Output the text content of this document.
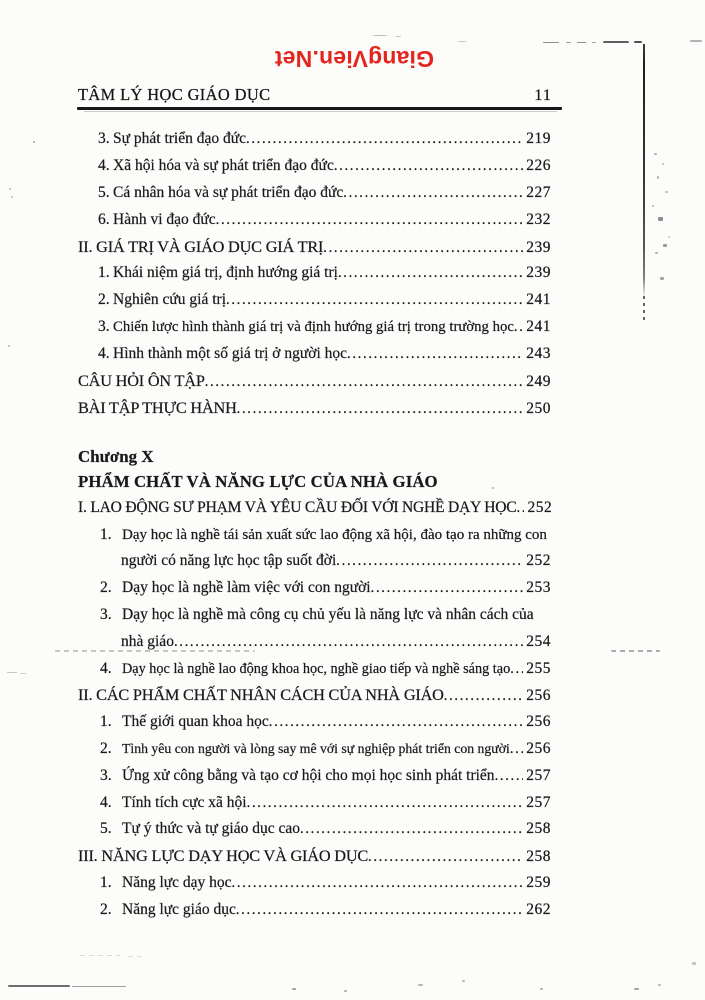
GiangVien.Net
TÂM LÝ HỌC GIÁO DỤC	11
3. Sự phát triển đạo đức .....	219
4. Xã hội hóa và sự phát triển đạo đức .....	226
5. Cá nhân hóa và sự phát triển đạo đức .....	227
6. Hành vi đạo đức .....	232
II. GIÁ TRỊ VÀ GIÁO DỤC GIÁ TRỊ .....	239
1. Khái niệm giá trị, định hướng giá trị .....	239
2. Nghiên cứu giá trị .....	241
3. Chiến lược hình thành giá trị và định hướng giá trị trong trường học ..... 241
4. Hình thành một số giá trị ở người học .....	243
CÂU HỎI ÔN TẬP .....	249
BÀI TẬP THỰC HÀNH .....	250
Chương X
PHẨM CHẤT VÀ NĂNG LỰC CỦA NHÀ GIÁO
I. LAO ĐỘNG SƯ PHẠM VÀ YÊU CẦU ĐỐI VỚI NGHỀ DẠY HỌC ..... 252
1. Dạy học là nghề tái sản xuất sức lao động xã hội, đào tạo ra những con
người có năng lực học tập suốt đời .....	252
2. Dạy học là nghề làm việc với con người .....	253
3. Dạy học là nghề mà công cụ chủ yếu là năng lực và nhân cách của
nhà giáo .....	254
4. Dạy học là nghề lao động khoa học, nghề giao tiếp và nghề sáng tạo ..... 255
II. CÁC PHẨM CHẤT NHÂN CÁCH CỦA NHÀ GIÁO .....	256
1. Thế giới quan khoa học .....	256
2. Tình yêu con người và lòng say mê với sự nghiệp phát triển con người ..... 256
3. Ứng xử công bằng và tạo cơ hội cho mọi học sinh phát triển ..... 257
4. Tính tích cực xã hội .....	257
5. Tự ý thức và tự giáo dục cao .....	258
III. NĂNG LỰC DẠY HỌC VÀ GIÁO DỤC .....	258
1. Năng lực dạy học .....	259
2. Năng lực giáo dục .....	262
